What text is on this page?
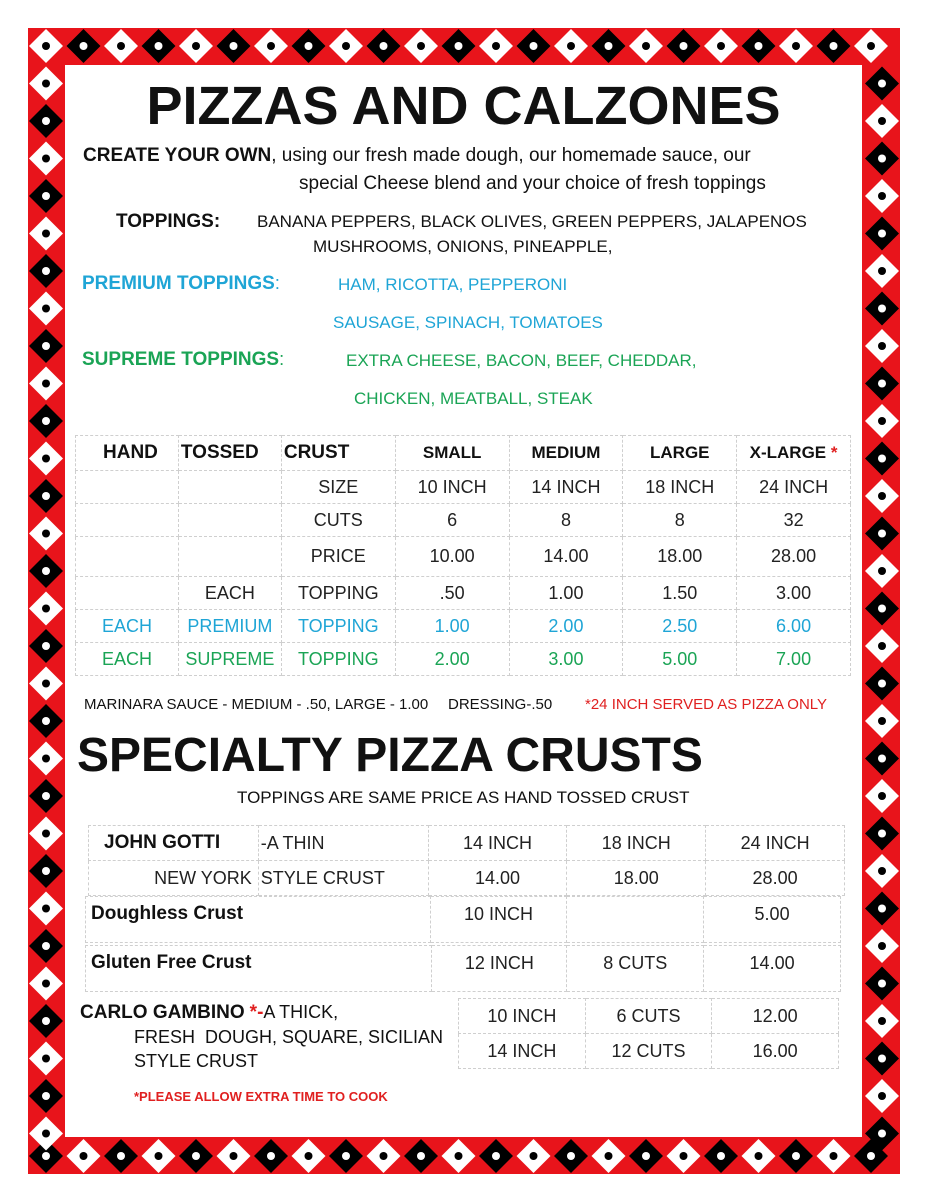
PIZZAS AND CALZONES
CREATE YOUR OWN, using our fresh made dough, our homemade sauce, our
special Cheese blend and your choice of fresh toppings
TOPPINGS: BANANA PEPPERS, BLACK OLIVES, GREEN PEPPERS, JALAPENOS
MUSHROOMS, ONIONS, PINEAPPLE,
PREMIUM TOPPINGS:	HAM, RICOTTA, PEPPERONI
SAUSAGE, SPINACH, TOMATOES
SUPREME TOPPINGS:	EXTRA CHEESE, BACON, BEEF, CHEDDAR,
CHICKEN, MEATBALL, STEAK
HAND	TOSSED	CRUST	SMALL	MEDIUM	LARGE	X-LARGE *
		SIZE	10 INCH	14 INCH	18 INCH	24 INCH
		CUTS	6	8	8	32
		PRICE	10.00	14.00	18.00	28.00
	EACH	TOPPING	.50	1.00	1.50	3.00
EACH	PREMIUM	TOPPING	1.00	2.00	2.50	6.00
EACH	SUPREME	TOPPING	2.00	3.00	5.00	7.00
MARINARA SAUCE - MEDIUM - .50, LARGE - 1.00 DRESSING-.50 *24 INCH SERVED AS PIZZA ONLY
SPECIALTY PIZZA CRUSTS
TOPPINGS ARE SAME PRICE AS HAND TOSSED CRUST
JOHN GOTTI	-A THIN	14 INCH	18 INCH	24 INCH
NEW YORK	STYLE CRUST	14.00	18.00	28.00
Doughless Crust	10 INCH		5.00
Gluten Free Crust	12 INCH	8 CUTS	14.00
CARLO GAMBINO *-A THICK,
FRESH  DOUGH, SQUARE, SICILIAN
STYLE CRUST
10 INCH	6 CUTS	12.00
14 INCH	12 CUTS	16.00
*PLEASE ALLOW EXTRA TIME TO COOK
